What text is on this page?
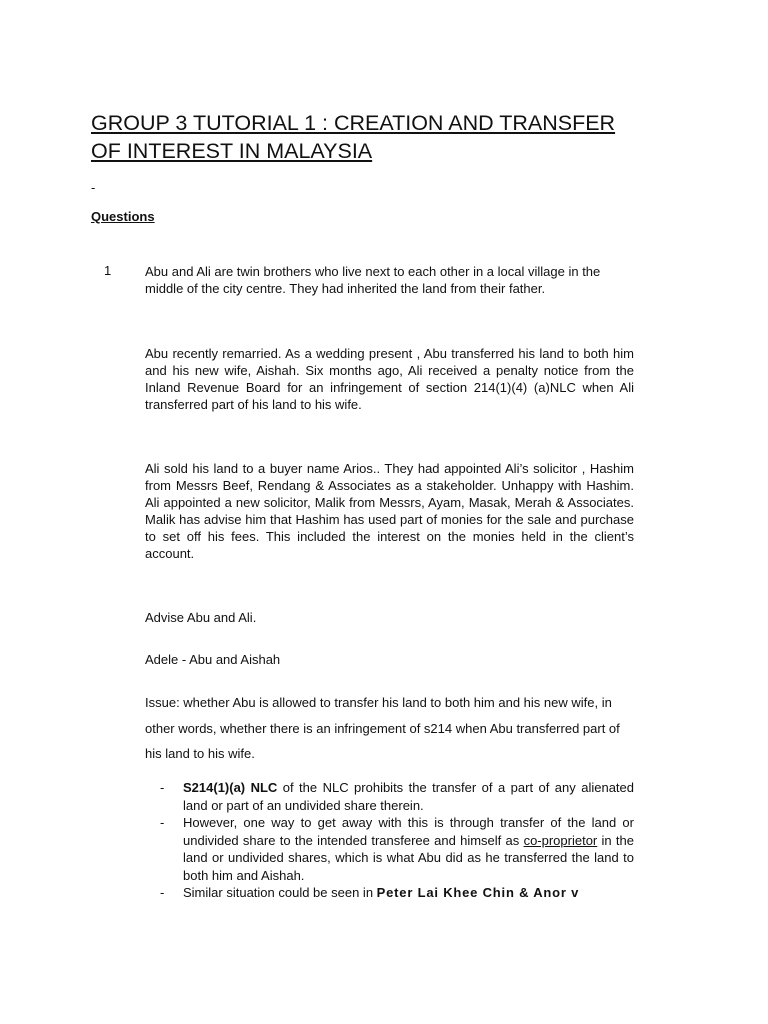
GROUP 3 TUTORIAL 1 : CREATION AND TRANSFER
OF INTEREST IN MALAYSIA
-
Questions
1	Abu and Ali are twin brothers who live next to each other in a local village in the middle of the city centre. They had inherited the land from their father.

Abu recently remarried. As a wedding present , Abu transferred his land to both him and his new wife, Aishah. Six months ago, Ali received a penalty notice from the Inland Revenue Board for an infringement of section 214(1)(4) (a)NLC when Ali transferred part of his land to his wife.

Ali sold his land to a buyer name Arios.. They had appointed Ali’s solicitor , Hashim from Messrs Beef, Rendang & Associates as a stakeholder. Unhappy with Hashim. Ali appointed a new solicitor, Malik from Messrs, Ayam, Masak, Merah & Associates. Malik has advise him that Hashim has used part of monies for the sale and purchase to set off his fees. This included the interest on the monies held in the client’s account.

Advise Abu and Ali.

Adele - Abu and Aishah

Issue: whether Abu is allowed to transfer his land to both him and his new wife, in other words, whether there is an infringement of s214 when Abu transferred part of his land to his wife.

- S214(1)(a) NLC of the NLC prohibits the transfer of a part of any alienated land or part of an undivided share therein.
- However, one way to get away with this is through transfer of the land or undivided share to the intended transferee and himself as co-proprietor in the land or undivided shares, which is what Abu did as he transferred the land to both him and Aishah.
- Similar situation could be seen in Peter Lai Khee Chin & Anor v
